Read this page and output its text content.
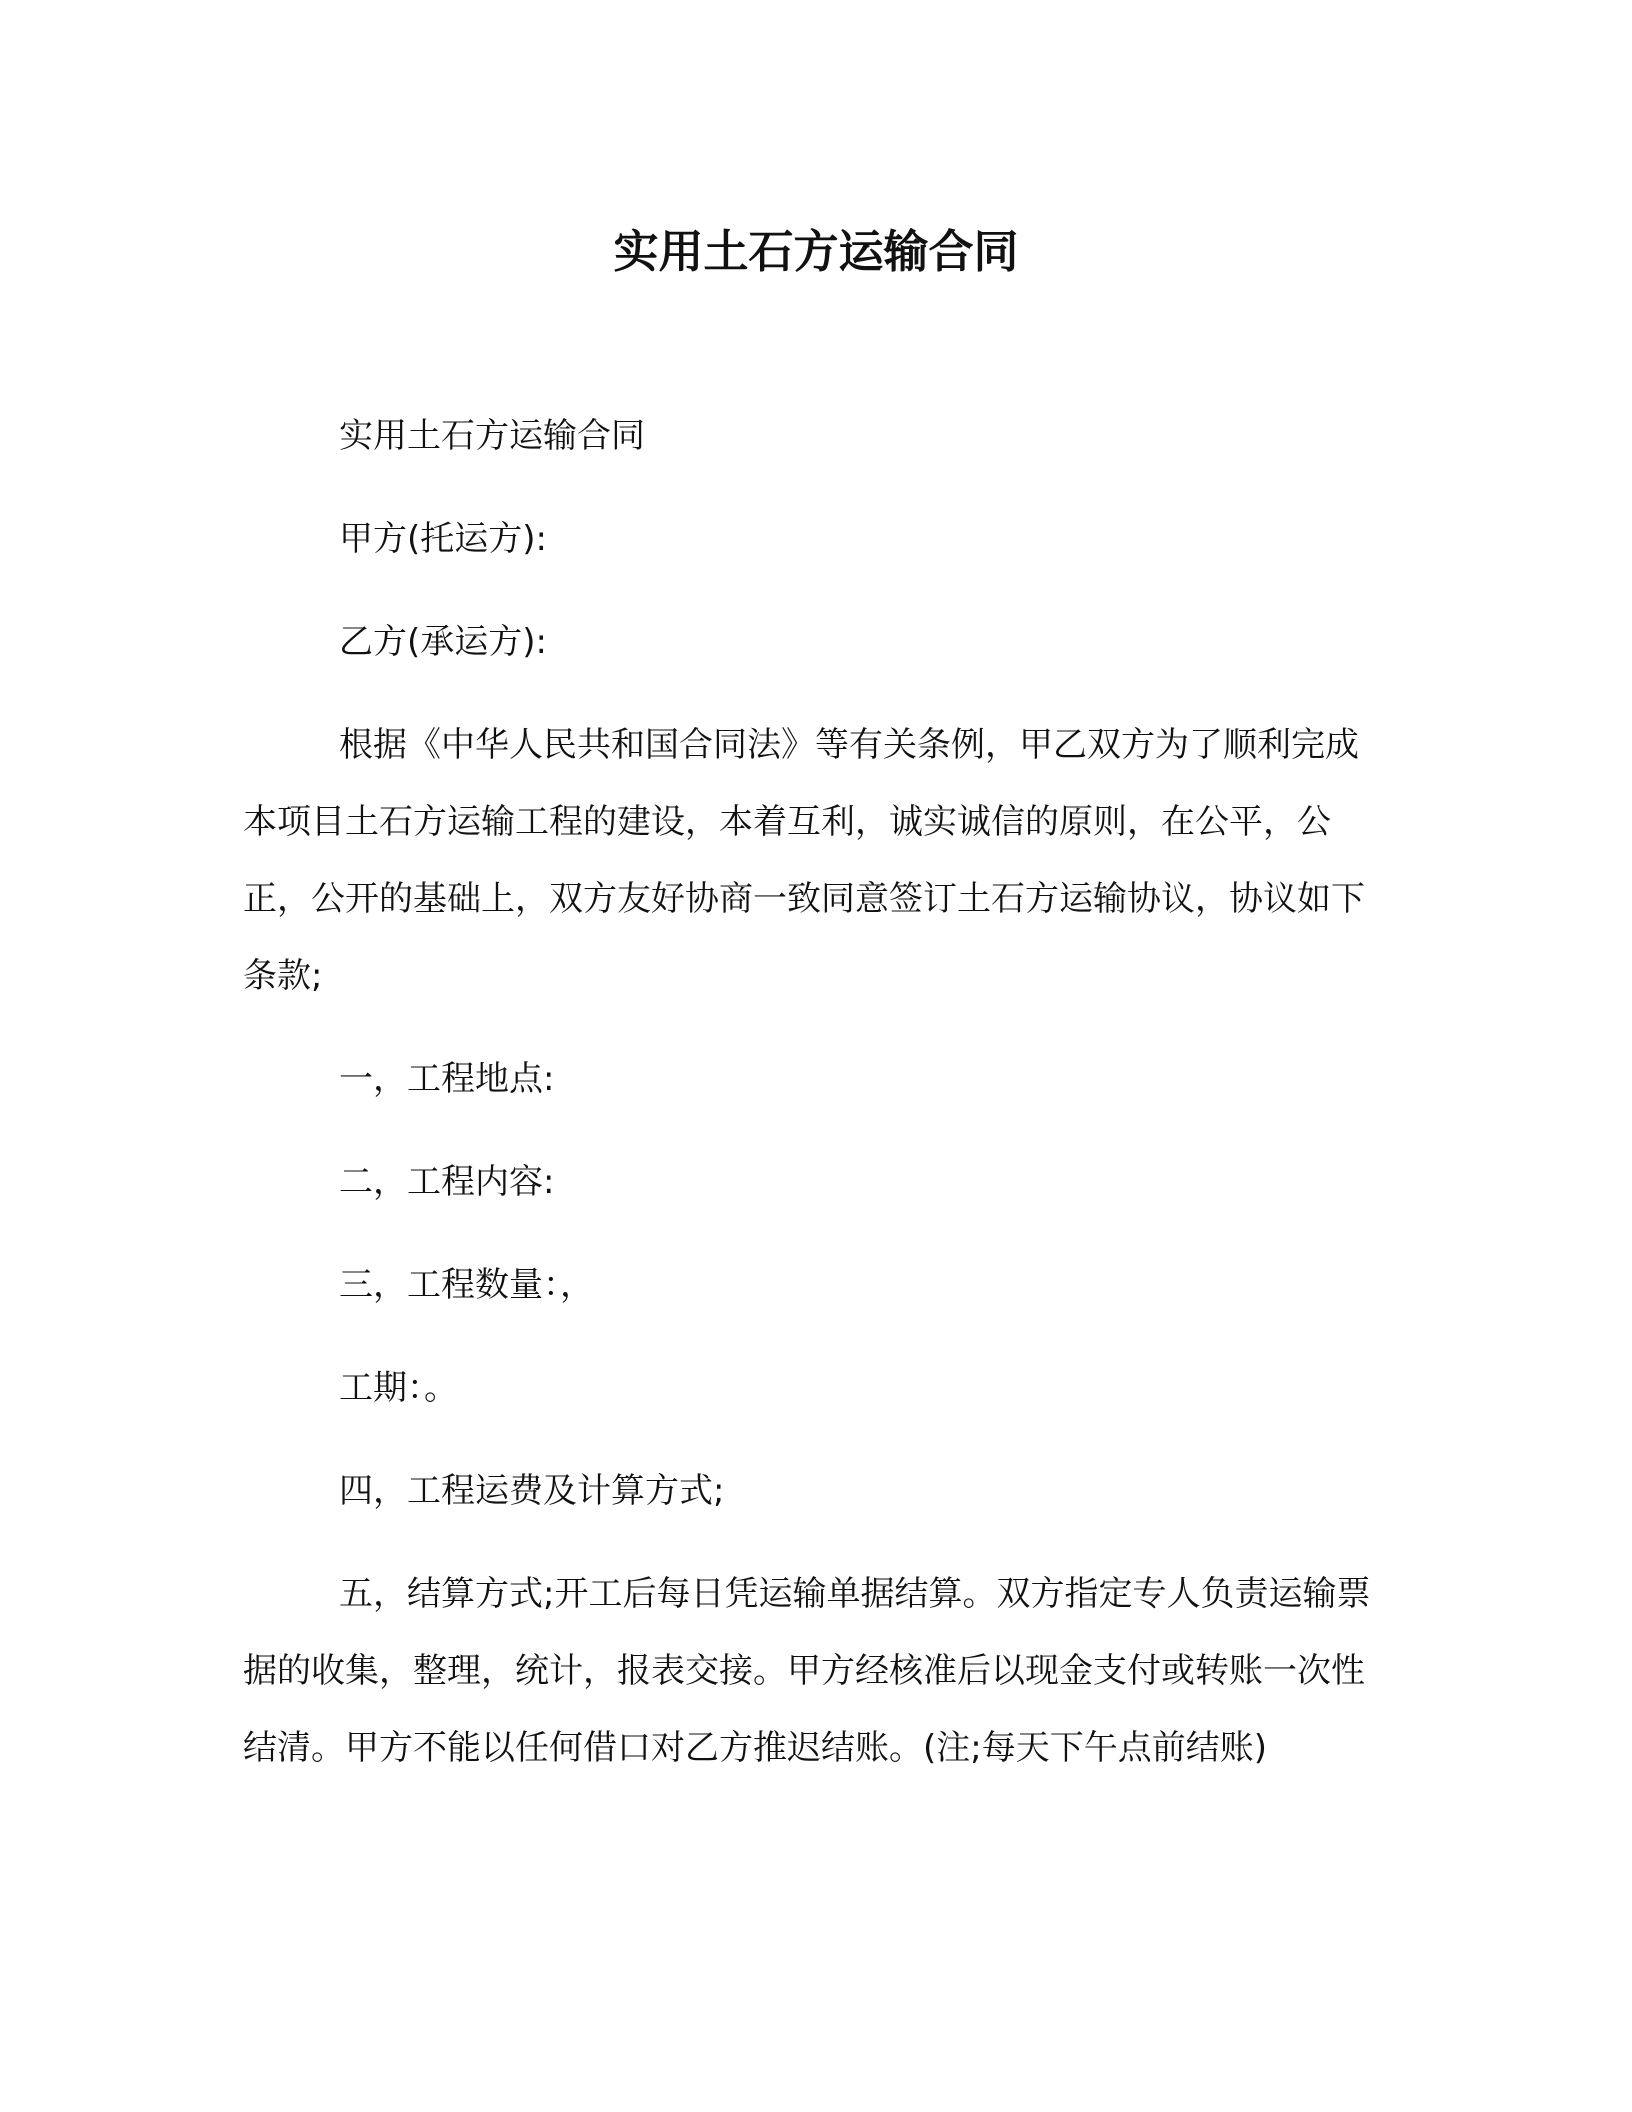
实用土石方运输合同

实用土石方运输合同

甲方(托运方):

乙方(承运方):

根据《中华人民共和国合同法》等有关条例，甲乙双方为了顺利完成本项目土石方运输工程的建设，本着互利，诚实诚信的原则，在公平，公正，公开的基础上，双方友好协商一致同意签订土石方运输协议，协议如下条款;

一，工程地点:

二，工程内容:

三，工程数量：，

工期：。

四，工程运费及计算方式;

五，结算方式;开工后每日凭运输单据结算。双方指定专人负责运输票据的收集，整理，统计，报表交接。甲方经核准后以现金支付或转账一次性结清。甲方不能以任何借口对乙方推迟结账。(注;每天下午点前结账)
